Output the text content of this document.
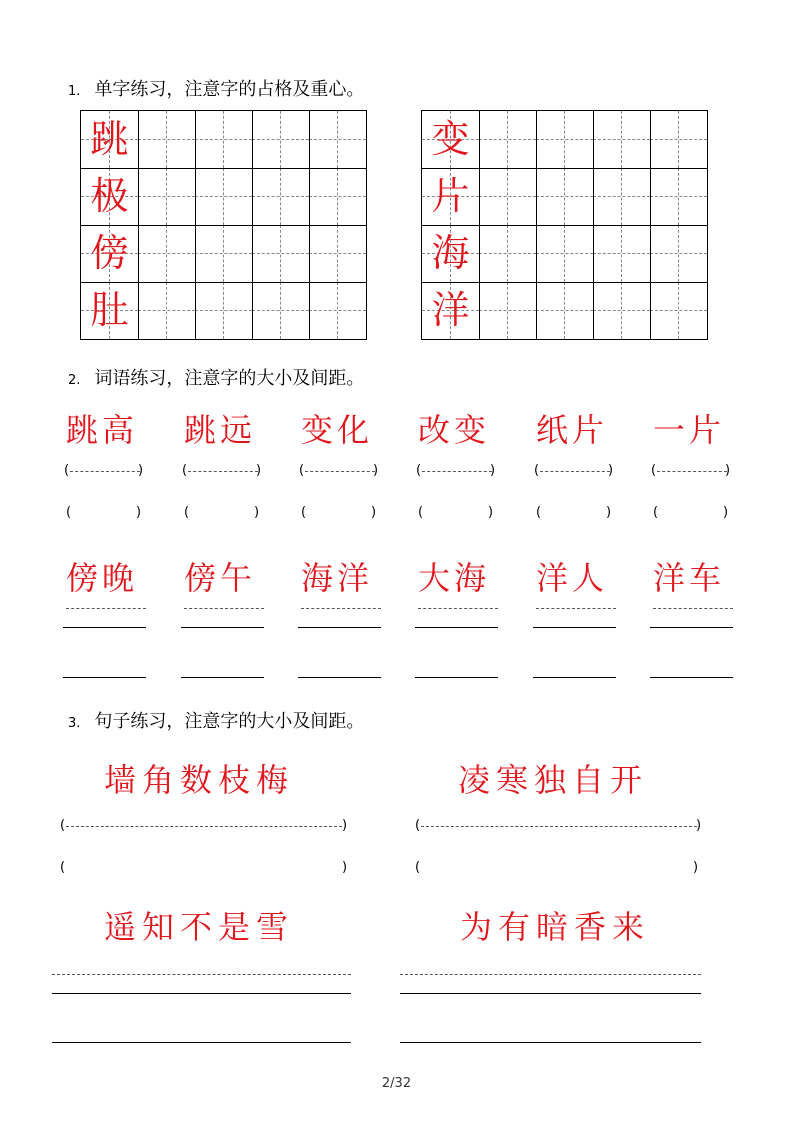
1. 单字练习，注意字的占格及重心。
跳
极
傍
肚
变
片
海
洋
2. 词语练习，注意字的大小及间距。
跳高
(	)
(	)
跳远
(	)
(	)
变化
(	)
(	)
改变
(	)
(	)
纸片
(	)
(	)
一片
(	)
(	)
傍晚 傍午 海洋 大海 洋人 洋车
3. 句子练习，注意字的大小及间距。
墙角数枝梅	凌寒独自开
(	)	(	)
(	)	(	)
遥知不是雪	为有暗香来
2/32
